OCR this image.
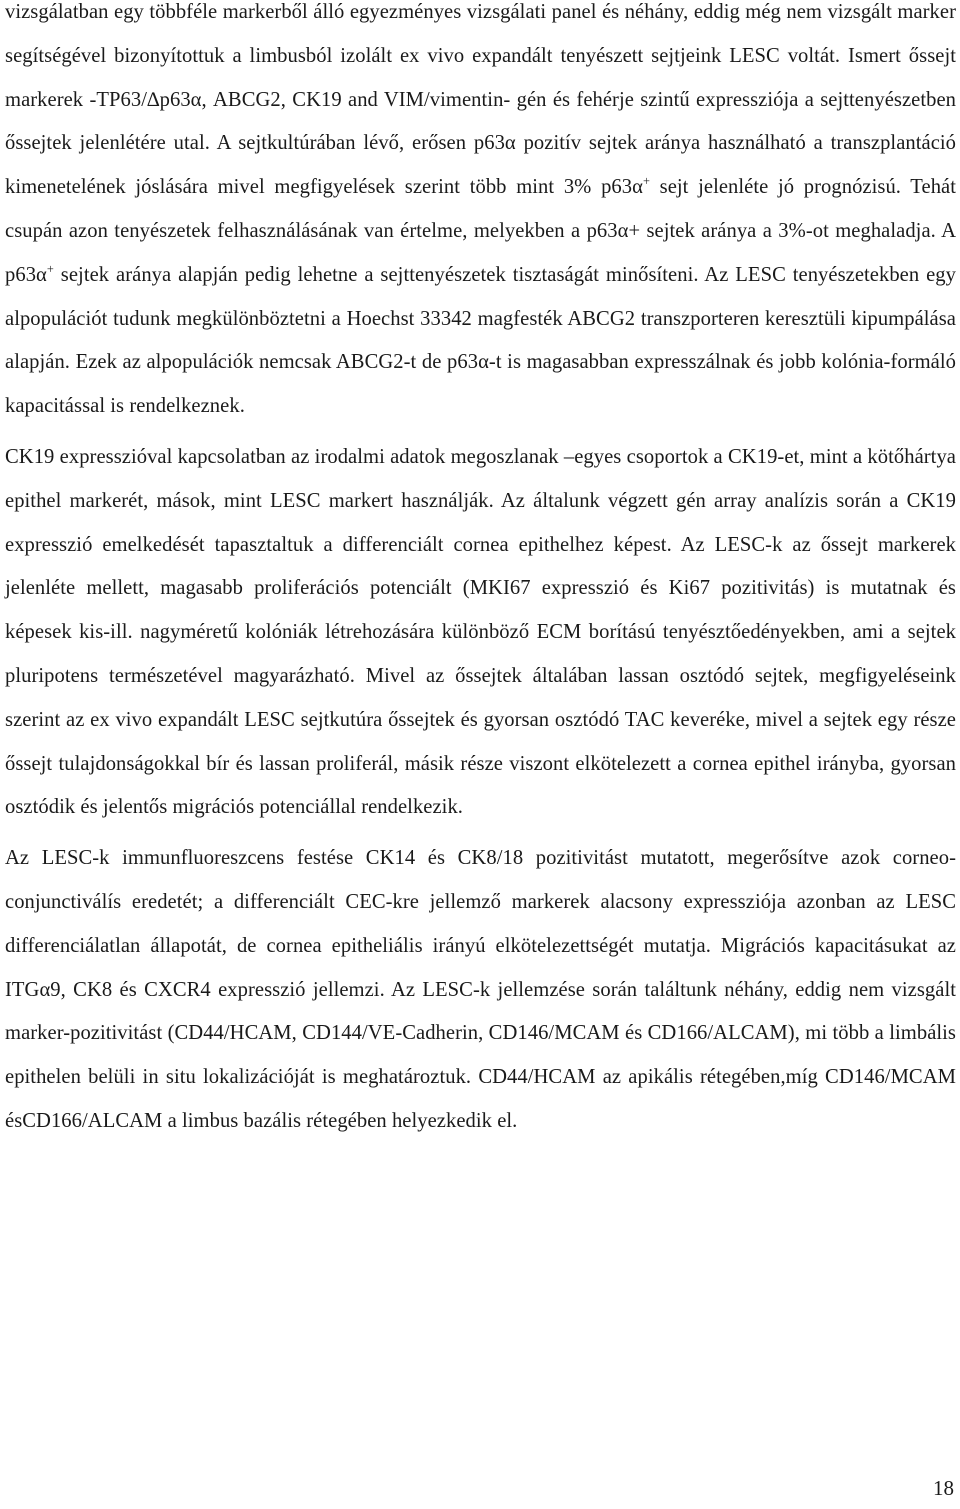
vizsgálatban egy többféle markerből álló egyezményes vizsgálati panel és néhány, eddig még nem vizsgált marker segítségével bizonyítottuk a limbusból izolált ex vivo expandált tenyészett sejtjeink LESC voltát. Ismert őssejt markerek -TP63/∆p63α, ABCG2, CK19 and VIM/vimentin- gén és fehérje szintű expressziója a sejttenyészetben őssejtek jelenlétére utal. A sejtkultúrában lévő, erősen p63α pozitív sejtek aránya használható a transzplantáció kimenetelének jóslására mivel megfigyelések szerint több mint 3% p63α+ sejt jelenléte jó prognózisú. Tehát csupán azon tenyészetek felhasználásának van értelme, melyekben a p63α+ sejtek aránya a 3%-ot meghaladja. A p63α+ sejtek aránya alapján pedig lehetne a sejttenyészetek tisztaságát minősíteni. Az LESC tenyészetekben egy alpopulációt tudunk megkülönböztetni a Hoechst 33342 magfesték ABCG2 transzporteren keresztüli kipumpálása alapján. Ezek az alpopulációk nemcsak ABCG2-t de p63α-t is magasabban expresszálnak és jobb kolónia-formáló kapacitással is rendelkeznek.

CK19 expresszióval kapcsolatban az irodalmi adatok megoszlanak –egyes csoportok a CK19-et, mint a kötőhártya epithel markerét, mások, mint LESC markert használják. Az általunk végzett gén array analízis során a CK19 expresszió emelkedését tapasztaltuk a differenciált cornea epithelhez képest. Az LESC-k az őssejt markerek jelenléte mellett, magasabb proliferációs potenciált (MKI67 expresszió és Ki67 pozitivitás) is mutatnak és képesek kis-ill. nagyméretű kolóniák létrehozására különböző ECM borítású tenyésztőedényekben, ami a sejtek pluripotens természetével magyarázható. Mivel az őssejtek általában lassan osztódó sejtek, megfigyeléseink szerint az ex vivo expandált LESC sejtkutúra őssejtek és gyorsan osztódó TAC keveréke, mivel a sejtek egy része őssejt tulajdonságokkal bír és lassan proliferál, másik része viszont elkötelezett a cornea epithel irányba, gyorsan osztódik és jelentős migrációs potenciállal rendelkezik.

Az LESC-k immunfluoreszcens festése CK14 és CK8/18 pozitivitást mutatott, megerősítve azok corneo-conjunctiválís eredetét; a differenciált CEC-kre jellemző markerek alacsony expressziója azonban az LESC differenciálatlan állapotát, de cornea epitheliális irányú elkötelezettségét mutatja. Migrációs kapacitásukat az ITGα9, CK8 és CXCR4 expresszió jellemzi. Az LESC-k jellemzése során találtunk néhány, eddig nem vizsgált marker-pozitivitást (CD44/HCAM, CD144/VE-Cadherin, CD146/MCAM és CD166/ALCAM), mi több a limbális epithelen belüli in situ lokalizációját is meghatároztuk. CD44/HCAM az apikális rétegében,míg CD146/MCAM ésCD166/ALCAM a limbus bazális rétegében helyezkedik el.

18
